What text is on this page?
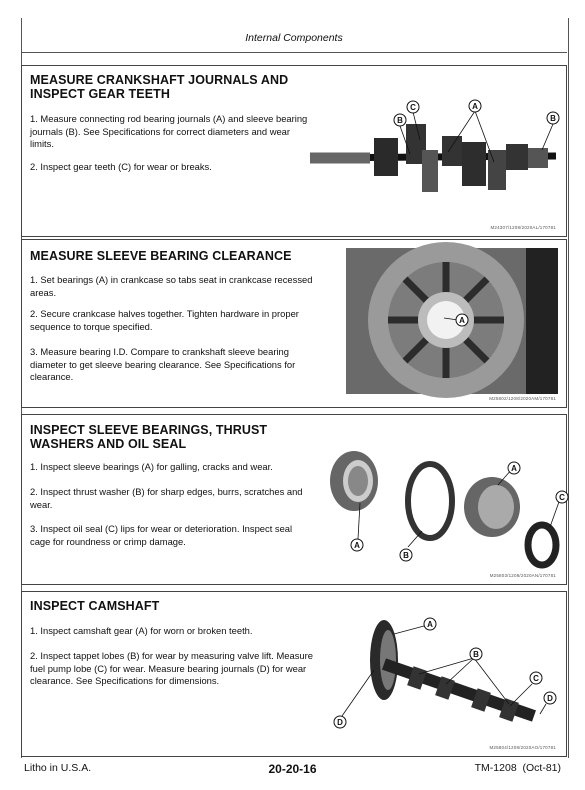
Internal Components
MEASURE CRANKSHAFT JOURNALS AND
INSPECT GEAR TEETH
1. Measure connecting rod bearing journals (A) and sleeve bearing journals (B). See Specifications for correct diameters and wear limits.
2. Inspect gear teeth (C) for wear or breaks.
C
B
A
B
M24307/1208/2020AL/170781
MEASURE SLEEVE BEARING CLEARANCE
1. Set bearings (A) in crankcase so tabs seat in crankcase recessed areas.
2. Secure crankcase halves together. Tighten hardware in proper sequence to torque specified.
3. Measure bearing I.D. Compare to crankshaft sleeve bearing diameter to get sleeve bearing clearance. See Specifications for clearance.
A
M25802/1208/2020AM/170781
INSPECT SLEEVE BEARINGS, THRUST
WASHERS AND OIL SEAL
1. Inspect sleeve bearings (A) for galling, cracks and wear.
2. Inspect thrust washer (B) for sharp edges, burrs, scratches and wear.
3. Inspect oil seal (C) lips for wear or deterioration. Inspect seal cage for roundness or crimp damage.	A
A
B
C
M25803/1208/2020AN/170781
INSPECT CAMSHAFT
1. Inspect camshaft gear (A) for worn or broken teeth.
2. Inspect tappet lobes (B) for wear by measuring valve lift. Measure fuel pump lobe (C) for wear. Measure bearing journals (D) for wear clearance. See Specifications for dimensions.
A
B
C
D
D
M25804/1208/2020AO/170781
Litho in U.S.A.	20-20-16	TM-1208  (Oct-81)
